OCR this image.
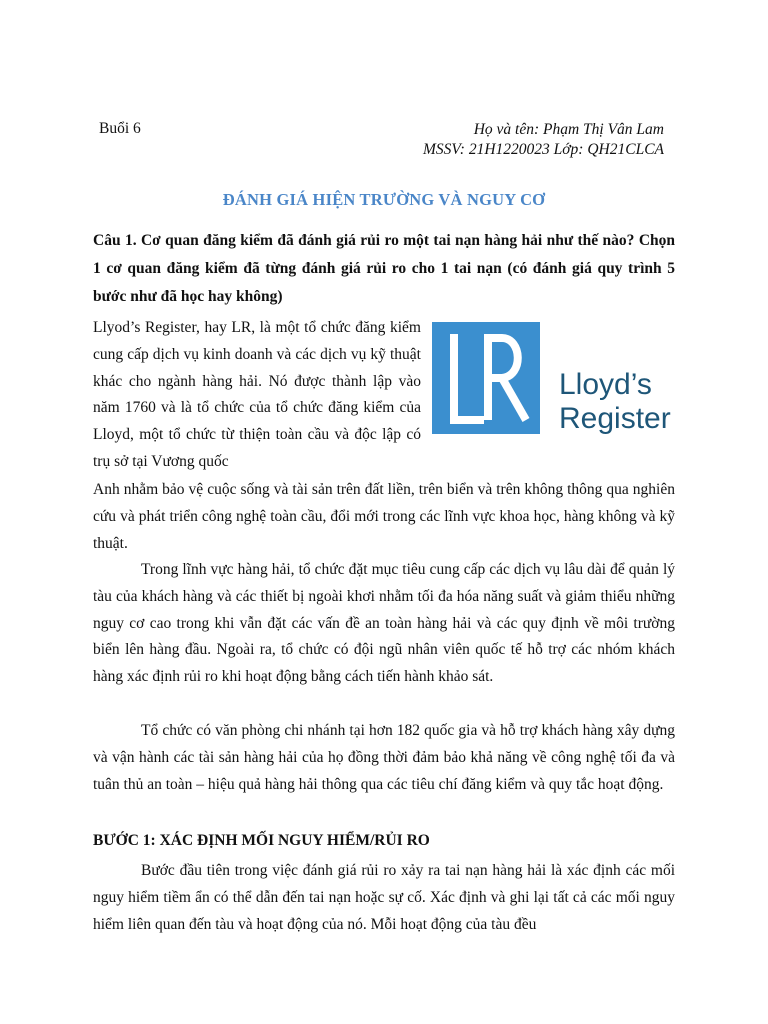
Buổi 6	Họ và tên: Phạm Thị Vân Lam
MSSV: 21H1220023 Lớp: QH21CLCA
ĐÁNH GIÁ HIỆN TRƯỜNG VÀ NGUY CƠ
Câu 1. Cơ quan đăng kiểm đã đánh giá rủi ro một tai nạn hàng hải như thế nào? Chọn 1 cơ quan đăng kiểm đã từng đánh giá rủi ro cho 1 tai nạn (có đánh giá quy trình 5 bước như đã học hay không)

Llyod’s Register, hay LR, là một tổ chức đăng kiểm cung cấp dịch vụ kinh doanh và các dịch vụ kỹ thuật khác cho ngành hàng hải. Nó được thành lập vào năm 1760 và là tổ chức của tổ chức đăng kiểm của Lloyd, một tổ chức từ thiện toàn cầu và độc lập có trụ sở tại Vương quốc

Lloyd’s
Register

Anh nhằm bảo vệ cuộc sống và tài sản trên đất liền, trên biển và trên không thông qua nghiên cứu và phát triển công nghệ toàn cầu, đổi mới trong các lĩnh vực khoa học, hàng không và kỹ thuật.

Trong lĩnh vực hàng hải, tổ chức đặt mục tiêu cung cấp các dịch vụ lâu dài để quản lý tàu của khách hàng và các thiết bị ngoài khơi nhằm tối đa hóa năng suất và giảm thiểu những nguy cơ cao trong khi vẫn đặt các vấn đề an toàn hàng hải và các quy định về môi trường biển lên hàng đầu. Ngoài ra, tổ chức có đội ngũ nhân viên quốc tế hỗ trợ các nhóm khách hàng xác định rủi ro khi hoạt động bằng cách tiến hành khảo sát.

Tổ chức có văn phòng chi nhánh tại hơn 182 quốc gia và hỗ trợ khách hàng xây dựng và vận hành các tài sản hàng hải của họ đồng thời đảm bảo khả năng về công nghệ tối đa và tuân thủ an toàn – hiệu quả hàng hải thông qua các tiêu chí đăng kiểm và quy tắc hoạt động.

BƯỚC 1: XÁC ĐỊNH MỐI NGUY HIỂM/RỦI RO

Bước đầu tiên trong việc đánh giá rủi ro xảy ra tai nạn hàng hải là xác định các mối nguy hiểm tiềm ẩn có thể dẫn đến tai nạn hoặc sự cố. Xác định và ghi lại tất cả các mối nguy hiểm liên quan đến tàu và hoạt động của nó. Mỗi hoạt động của tàu đều
